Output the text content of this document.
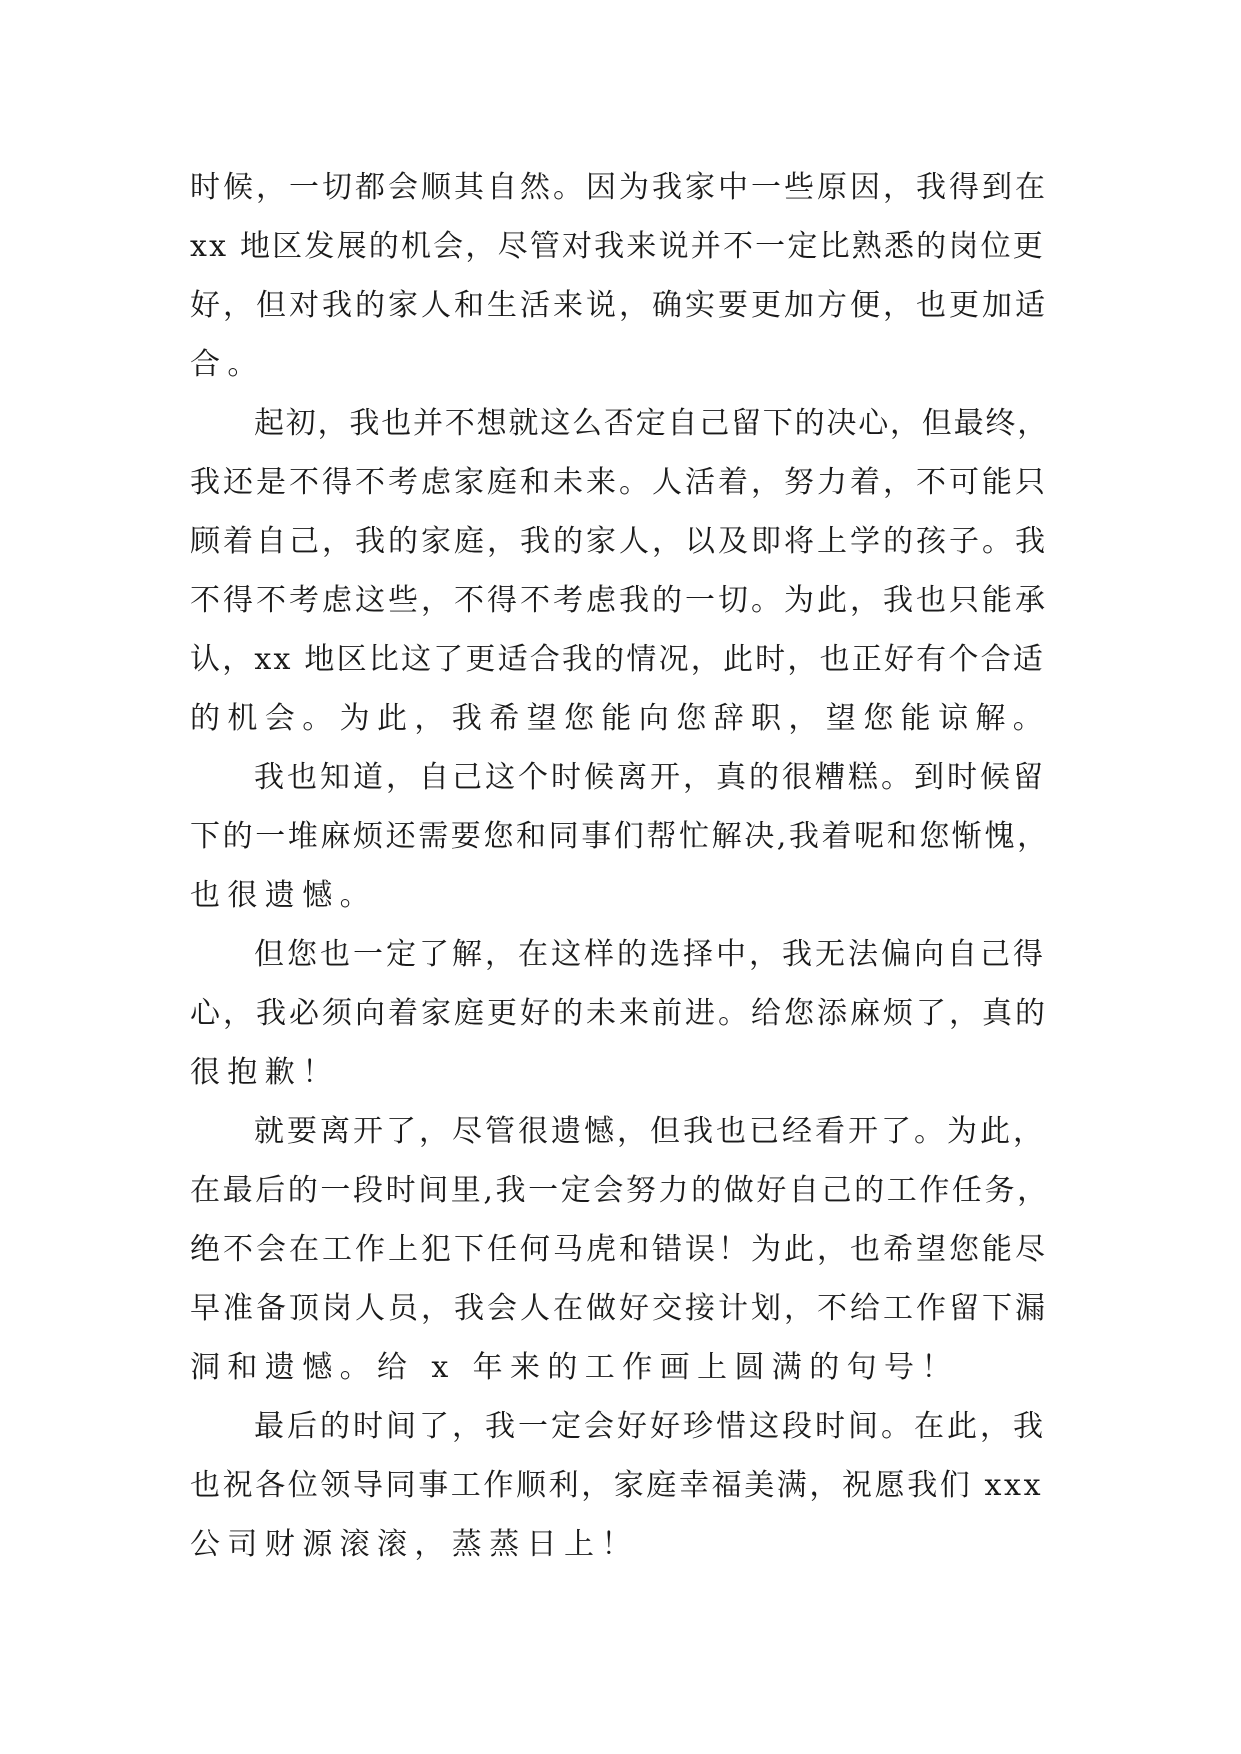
时候，一切都会顺其自然。因为我家中一些原因，我得到在
xx 地区发展的机会，尽管对我来说并不一定比熟悉的岗位更
好，但对我的家人和生活来说，确实要更加方便，也更加适
合。
起初，我也并不想就这么否定自己留下的决心，但最终，
我还是不得不考虑家庭和未来。人活着，努力着，不可能只
顾着自己，我的家庭，我的家人，以及即将上学的孩子。我
不得不考虑这些，不得不考虑我的一切。为此，我也只能承
认，xx 地区比这了更适合我的情况，此时，也正好有个合适
的机会。为此，我希望您能向您辞职，望您能谅解。
我也知道，自己这个时候离开，真的很糟糕。到时候留
下的一堆麻烦还需要您和同事们帮忙解决,我着呢和您惭愧，
也很遗憾。
但您也一定了解，在这样的选择中，我无法偏向自己得
心，我必须向着家庭更好的未来前进。给您添麻烦了，真的
很抱歉！
就要离开了，尽管很遗憾，但我也已经看开了。为此，
在最后的一段时间里,我一定会努力的做好自己的工作任务，
绝不会在工作上犯下任何马虎和错误！为此，也希望您能尽
早准备顶岗人员，我会人在做好交接计划，不给工作留下漏
洞和遗憾。给 x 年来的工作画上圆满的句号！
最后的时间了，我一定会好好珍惜这段时间。在此，我
也祝各位领导同事工作顺利，家庭幸福美满，祝愿我们 xxx
公司财源滚滚，蒸蒸日上！
